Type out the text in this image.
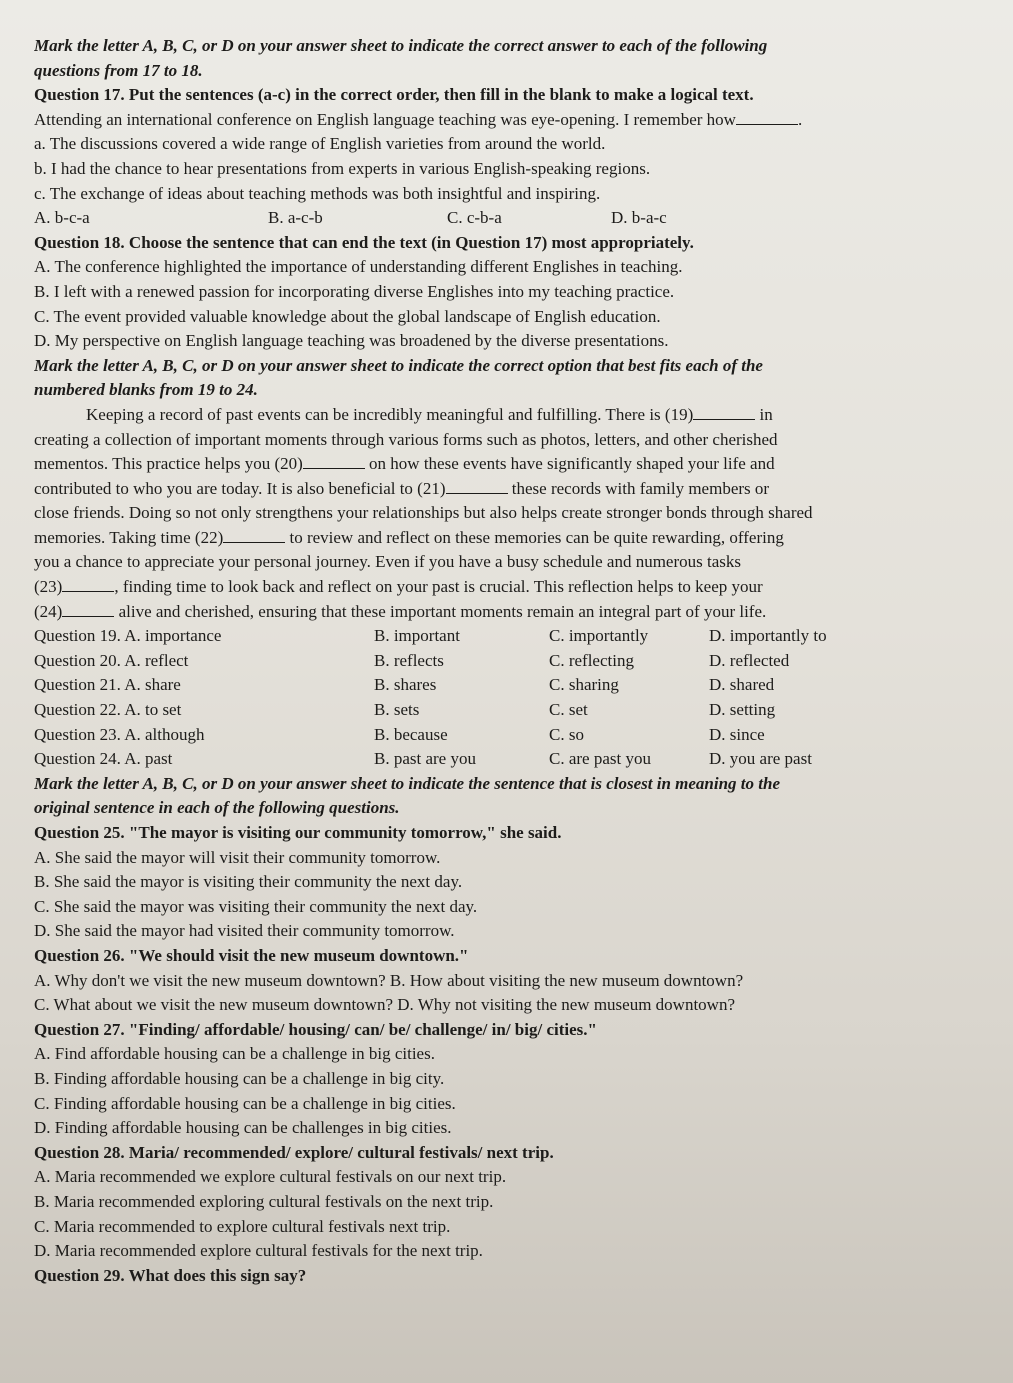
Mark the letter A, B, C, or D on your answer sheet to indicate the correct answer to each of the following
questions from 17 to 18.
Question 17. Put the sentences (a-c) in the correct order, then fill in the blank to make a logical text.
Attending an international conference on English language teaching was eye-opening. I remember how	.
a. The discussions covered a wide range of English varieties from around the world.
b. I had the chance to hear presentations from experts in various English-speaking regions.
c. The exchange of ideas about teaching methods was both insightful and inspiring.
A. b-c-a	B. a-c-b	C. c-b-a	D. b-a-c
Question 18. Choose the sentence that can end the text (in Question 17) most appropriately.
A. The conference highlighted the importance of understanding different Englishes in teaching.
B. I left with a renewed passion for incorporating diverse Englishes into my teaching practice.
C. The event provided valuable knowledge about the global landscape of English education.
D. My perspective on English language teaching was broadened by the diverse presentations.
Mark the letter A, B, C, or D on your answer sheet to indicate the correct option that best fits each of the
numbered blanks from 19 to 24.
Keeping a record of past events can be incredibly meaningful and fulfilling. There is (19)	in
creating a collection of important moments through various forms such as photos, letters, and other cherished
mementos. This practice helps you (20)	on how these events have significantly shaped your life and
contributed to who you are today. It is also beneficial to (21)	these records with family members or
close friends. Doing so not only strengthens your relationships but also helps create stronger bonds through shared
memories. Taking time (22)	to review and reflect on these memories can be quite rewarding, offering
you a chance to appreciate your personal journey. Even if you have a busy schedule and numerous tasks
(23)	, finding time to look back and reflect on your past is crucial. This reflection helps to keep your
(24)	alive and cherished, ensuring that these important moments remain an integral part of your life.
Question 19. A. importance	B. important	C. importantly	D. importantly to
Question 20. A. reflect	B. reflects	C. reflecting	D. reflected
Question 21. A. share	B. shares	C. sharing	D. shared
Question 22. A. to set	B. sets	C. set	D. setting
Question 23. A. although	B. because	C. so	D. since
Question 24. A. past	B. past are you	C. are past you	D. you are past
Mark the letter A, B, C, or D on your answer sheet to indicate the sentence that is closest in meaning to the
original sentence in each of the following questions.
Question 25. "The mayor is visiting our community tomorrow," she said.
A. She said the mayor will visit their community tomorrow.
B. She said the mayor is visiting their community the next day.
C. She said the mayor was visiting their community the next day.
D. She said the mayor had visited their community tomorrow.
Question 26. "We should visit the new museum downtown."
A. Why don't we visit the new museum downtown? B. How about visiting the new museum downtown?
C. What about we visit the new museum downtown? D. Why not visiting the new museum downtown?
Question 27. "Finding/ affordable/ housing/ can/ be/ challenge/ in/ big/ cities."
A. Find affordable housing can be a challenge in big cities.
B. Finding affordable housing can be a challenge in big city.
C. Finding affordable housing can be a challenge in big cities.
D. Finding affordable housing can be challenges in big cities.
Question 28. Maria/ recommended/ explore/ cultural festivals/ next trip.
A. Maria recommended we explore cultural festivals on our next trip.
B. Maria recommended exploring cultural festivals on the next trip.
C. Maria recommended to explore cultural festivals next trip.
D. Maria recommended explore cultural festivals for the next trip.
Question 29. What does this sign say?
